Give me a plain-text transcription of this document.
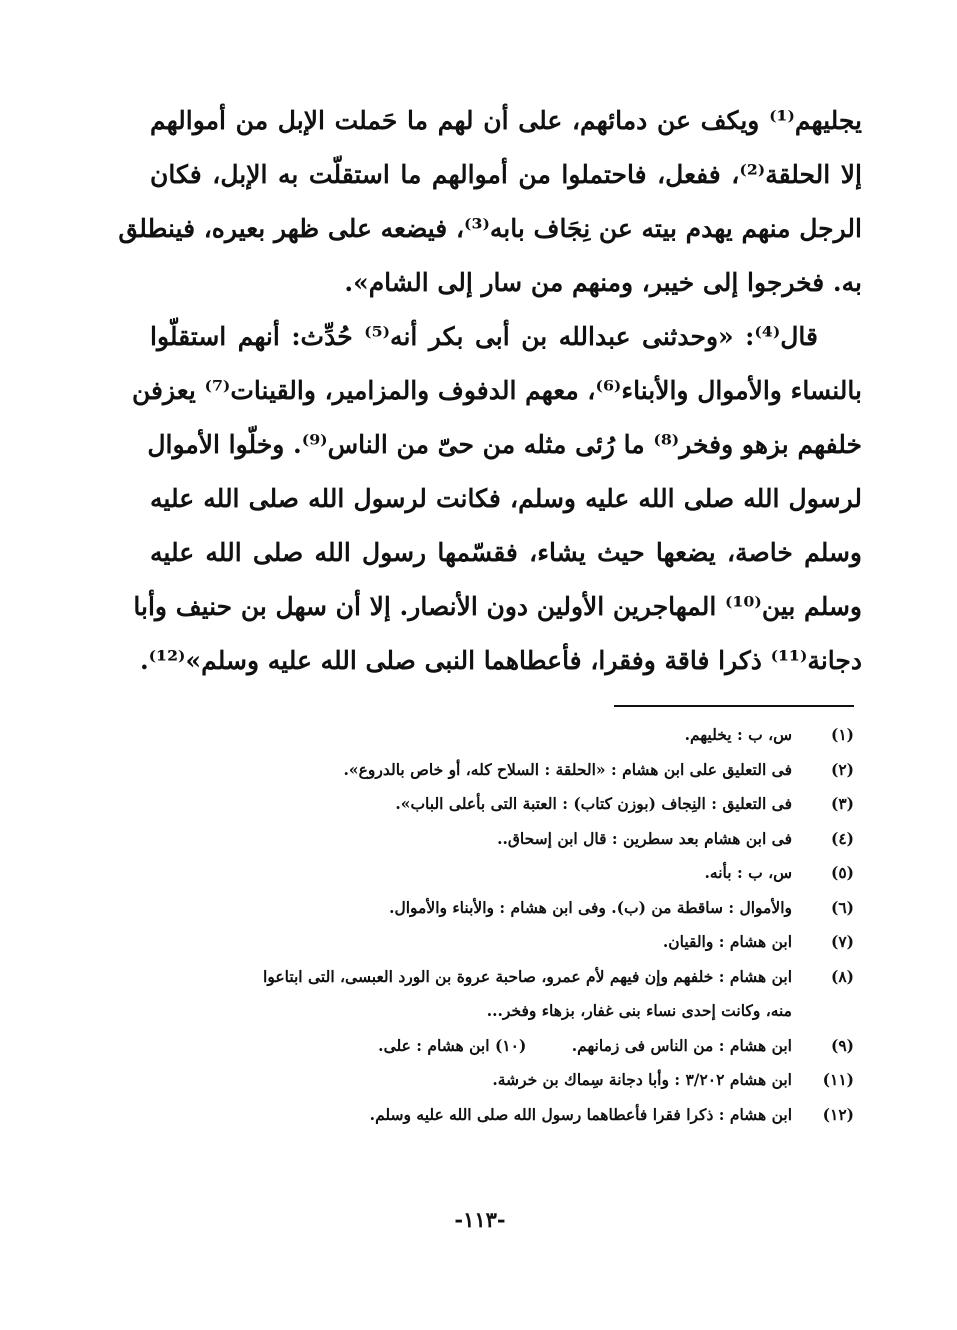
يجليهم⁽¹⁾ ويكف عن دمائهم، على أن لهم ما حَملت الإبل من أموالهم
إلا الحلقة⁽²⁾، ففعل، فاحتملوا من أموالهم ما استقلّت به الإبل، فكان
الرجل منهم يهدم بيته عن نِجَاف بابه⁽³⁾، فيضعه على ظهر بعيره، فينطلق
به. فخرجوا إلى خيبر، ومنهم من سار إلى الشام».
قال⁽⁴⁾: «وحدثنى عبدالله بن أبى بكر أنه⁽⁵⁾ حُدِّث: أنهم استقلّوا
بالنساء والأموال والأبناء⁽⁶⁾، معهم الدفوف والمزامير، والقينات⁽⁷⁾ يعزفن
خلفهم بزهو وفخر⁽⁸⁾ ما رُئى مثله من حىّ من الناس⁽⁹⁾. وخلّوا الأموال
لرسول الله صلى الله عليه وسلم، فكانت لرسول الله صلى الله عليه
وسلم خاصة، يضعها حيث يشاء، فقسّمها رسول الله صلى الله عليه
وسلم بين⁽¹⁰⁾ المهاجرين الأولين دون الأنصار. إلا أن سهل بن حنيف وأبا
دجانة⁽¹¹⁾ ذكرا فاقة وفقرا، فأعطاهما النبى صلى الله عليه وسلم»⁽¹²⁾.
(١)
س، ب : يخليهم.
(٢)
فى التعليق على ابن هشام : «الحلقة : السلاح كله، أو خاص بالدروع».
(٣)
فى التعليق : النِجاف (بوزن كتاب) : العتبة التى بأعلى الباب».
(٤)
فى ابن هشام بعد سطرين : قال ابن إسحاق..
(٥)
س، ب : بأنه.
(٦)
والأموال : ساقطة من (ب). وفى ابن هشام : والأبناء والأموال.
(٧)
ابن هشام : والقيان.
(٨)
ابن هشام : خلفهم وإن فيهم لأم عمرو، صاحبة عروة بن الورد العبسى، التى ابتاعوا
منه، وكانت إحدى نساء بنى غفار، بزهاء وفخر...
(٩)
ابن هشام : من الناس فى زمانهم. (١٠) ابن هشام : على.
(١١)
ابن هشام ٣/٢٠٢ : وأبا دجانة سِماك بن خرشة.
(١٢)
ابن هشام : ذكرا فقرا فأعطاهما رسول الله صلى الله عليه وسلم.
-١١٣-
